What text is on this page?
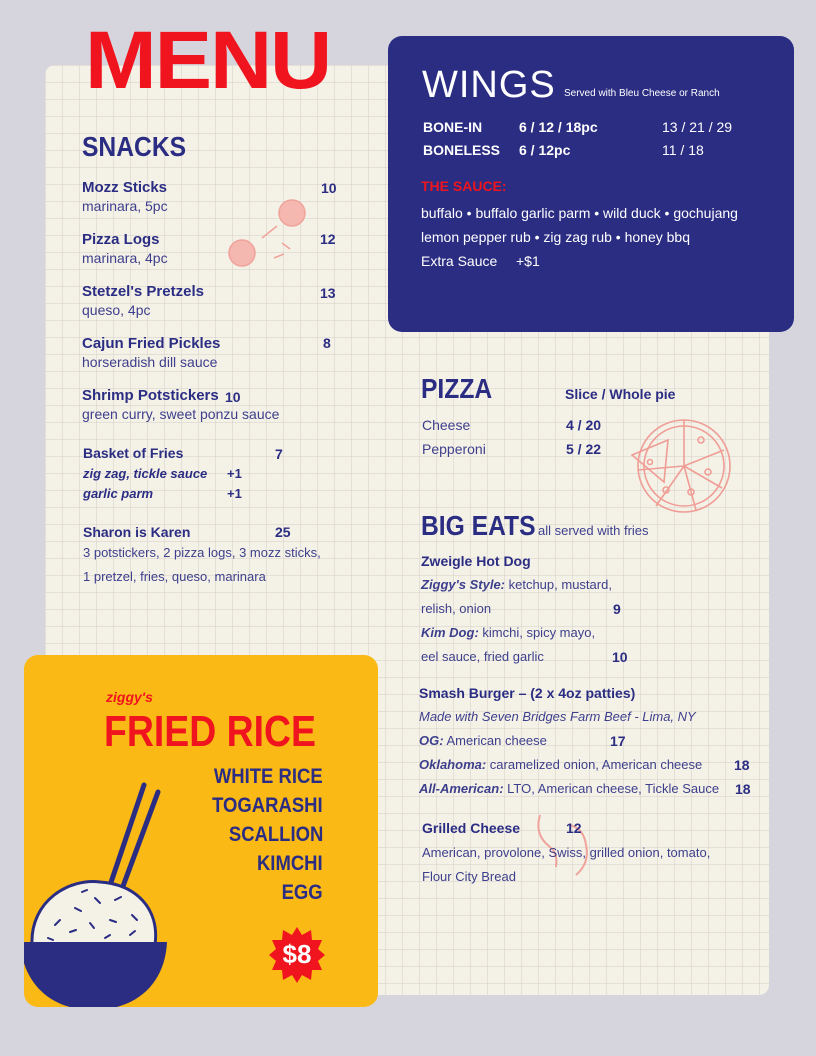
MENU
SNACKS
Mozz Sticks	10
marinara, 5pc
Pizza Logs	12
marinara, 4pc
Stetzel's Pretzels	13
queso, 4pc
Cajun Fried Pickles	8
horseradish dill sauce
Shrimp Potstickers 10
green curry, sweet ponzu sauce
Basket of Fries	7
zig zag, tickle sauce +1
garlic parm	+1
Sharon is Karen	25
3 potstickers, 2 pizza logs, 3 mozz sticks,
1 pretzel, fries, queso, marinara
WINGS Served with Bleu Cheese or Ranch
BONE-IN	6 / 12 / 18pc	13 / 21 / 29
BONELESS 6 / 12pc	11 / 18
THE SAUCE:
buffalo • buffalo garlic parm • wild duck • gochujang
lemon pepper rub • zig zag rub • honey bbq
Extra Sauce +$1
PIZZA	Slice / Whole pie
Cheese	4 / 20
Pepperoni	5 / 22
BIG EATS all served with fries
Zweigle Hot Dog
Ziggy's Style: ketchup, mustard,
relish, onion	9
Kim Dog: kimchi, spicy mayo,
eel sauce, fried garlic	10
Smash Burger – (2 x 4oz patties)
Made with Seven Bridges Farm Beef - Lima, NY
OG: American cheese	17
Oklahoma: caramelized onion, American cheese 18
All-American: LTO, American cheese, Tickle Sauce 18
Grilled Cheese	12
American, provolone, Swiss, grilled onion, tomato,
Flour City Bread
ziggy's
FRIED RICE
WHITE RICE
TOGARASHI
SCALLION
KIMCHI
EGG
$8
